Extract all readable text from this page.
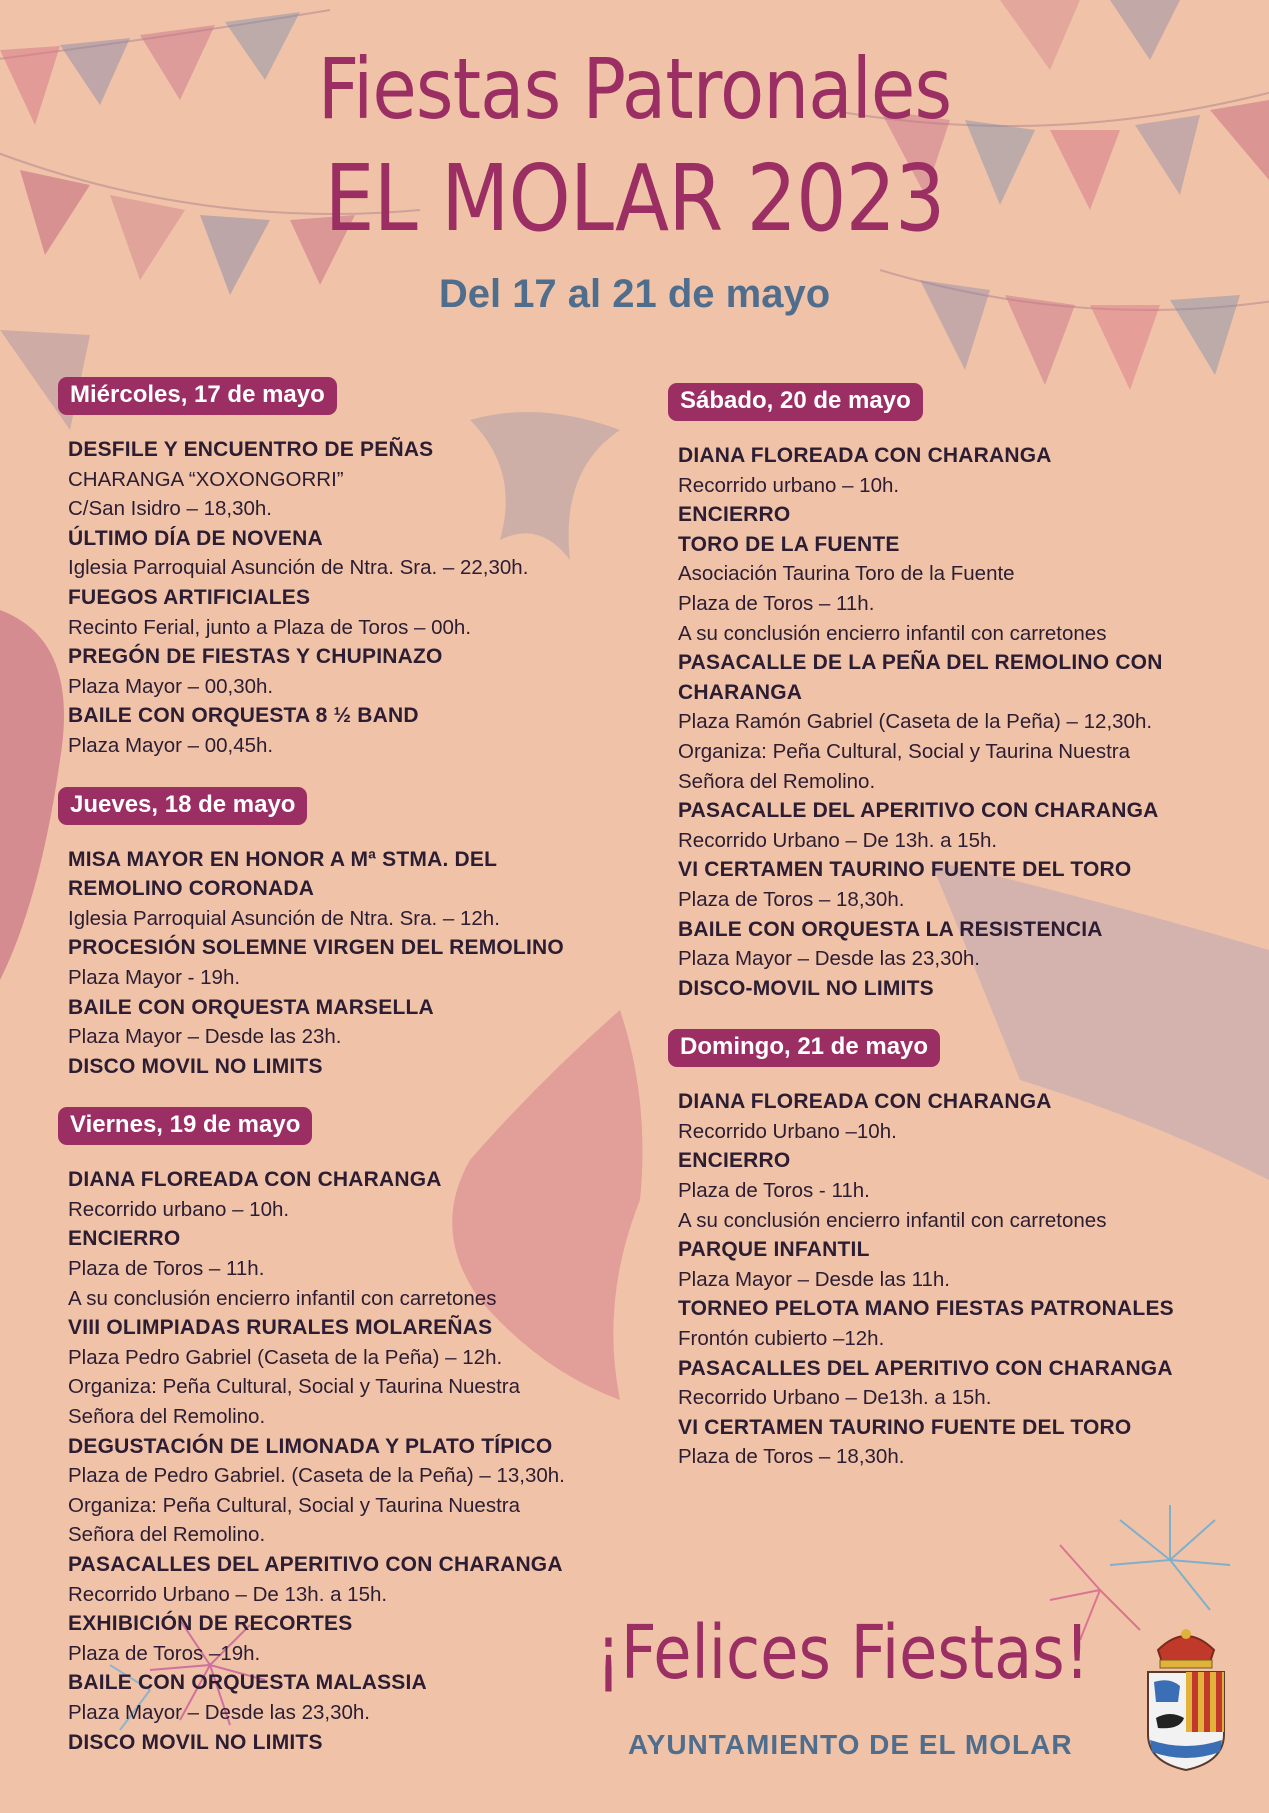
Fiestas Patronales
EL MOLAR 2023
Del 17 al 21 de mayo
Miércoles, 17 de mayo
DESFILE Y ENCUENTRO DE PEÑAS
CHARANGA “XOXONGORRI”
C/San Isidro – 18,30h.
ÚLTIMO DÍA DE NOVENA
Iglesia Parroquial Asunción de Ntra. Sra. – 22,30h.
FUEGOS ARTIFICIALES
Recinto Ferial, junto a Plaza de Toros – 00h.
PREGÓN DE FIESTAS Y CHUPINAZO
Plaza Mayor – 00,30h.
BAILE CON ORQUESTA 8 ½ BAND
Plaza Mayor – 00,45h.
Jueves, 18 de mayo
MISA MAYOR EN HONOR A Mª STMA. DEL
REMOLINO CORONADA
Iglesia Parroquial Asunción de Ntra. Sra. – 12h.
PROCESIÓN SOLEMNE VIRGEN DEL REMOLINO
Plaza Mayor - 19h.
BAILE CON ORQUESTA MARSELLA
Plaza Mayor – Desde las 23h.
DISCO MOVIL NO LIMITS
Viernes, 19 de mayo
DIANA FLOREADA CON CHARANGA
Recorrido urbano – 10h.
ENCIERRO
Plaza de Toros – 11h.
A su conclusión encierro infantil con carretones
VIII OLIMPIADAS RURALES MOLAREÑAS
Plaza Pedro Gabriel (Caseta de la Peña) – 12h.
Organiza: Peña Cultural, Social y Taurina Nuestra
Señora del Remolino.
DEGUSTACIÓN DE LIMONADA Y PLATO TÍPICO
Plaza de Pedro Gabriel. (Caseta de la Peña) – 13,30h.
Organiza: Peña Cultural, Social y Taurina Nuestra
Señora del Remolino.
PASACALLES DEL APERITIVO CON CHARANGA
Recorrido Urbano – De 13h. a 15h.
EXHIBICIÓN DE RECORTES
Plaza de Toros –19h.
BAILE CON ORQUESTA MALASSIA
Plaza Mayor – Desde las 23,30h.
DISCO MOVIL NO LIMITS
Sábado, 20 de mayo
DIANA FLOREADA CON CHARANGA
Recorrido urbano – 10h.
ENCIERRO
TORO DE LA FUENTE
Asociación Taurina Toro de la Fuente
Plaza de Toros – 11h.
A su conclusión encierro infantil con carretones
PASACALLE DE LA PEÑA DEL REMOLINO CON
CHARANGA
Plaza Ramón Gabriel (Caseta de la Peña) – 12,30h.
Organiza: Peña Cultural, Social y Taurina Nuestra
Señora del Remolino.
PASACALLE DEL APERITIVO CON CHARANGA
Recorrido Urbano – De 13h. a 15h.
VI CERTAMEN TAURINO FUENTE DEL TORO
Plaza de Toros – 18,30h.
BAILE CON ORQUESTA LA RESISTENCIA
Plaza Mayor – Desde las 23,30h.
DISCO-MOVIL NO LIMITS
Domingo, 21 de mayo
DIANA FLOREADA CON CHARANGA
Recorrido Urbano –10h.
ENCIERRO
Plaza de Toros - 11h.
A su conclusión encierro infantil con carretones
PARQUE INFANTIL
Plaza Mayor – Desde las 11h.
TORNEO PELOTA MANO FIESTAS PATRONALES
Frontón cubierto –12h.
PASACALLES DEL APERITIVO CON CHARANGA
Recorrido Urbano – De13h. a 15h.
VI CERTAMEN TAURINO FUENTE DEL TORO
Plaza de Toros – 18,30h.
¡Felices Fiestas!
AYUNTAMIENTO DE EL MOLAR
